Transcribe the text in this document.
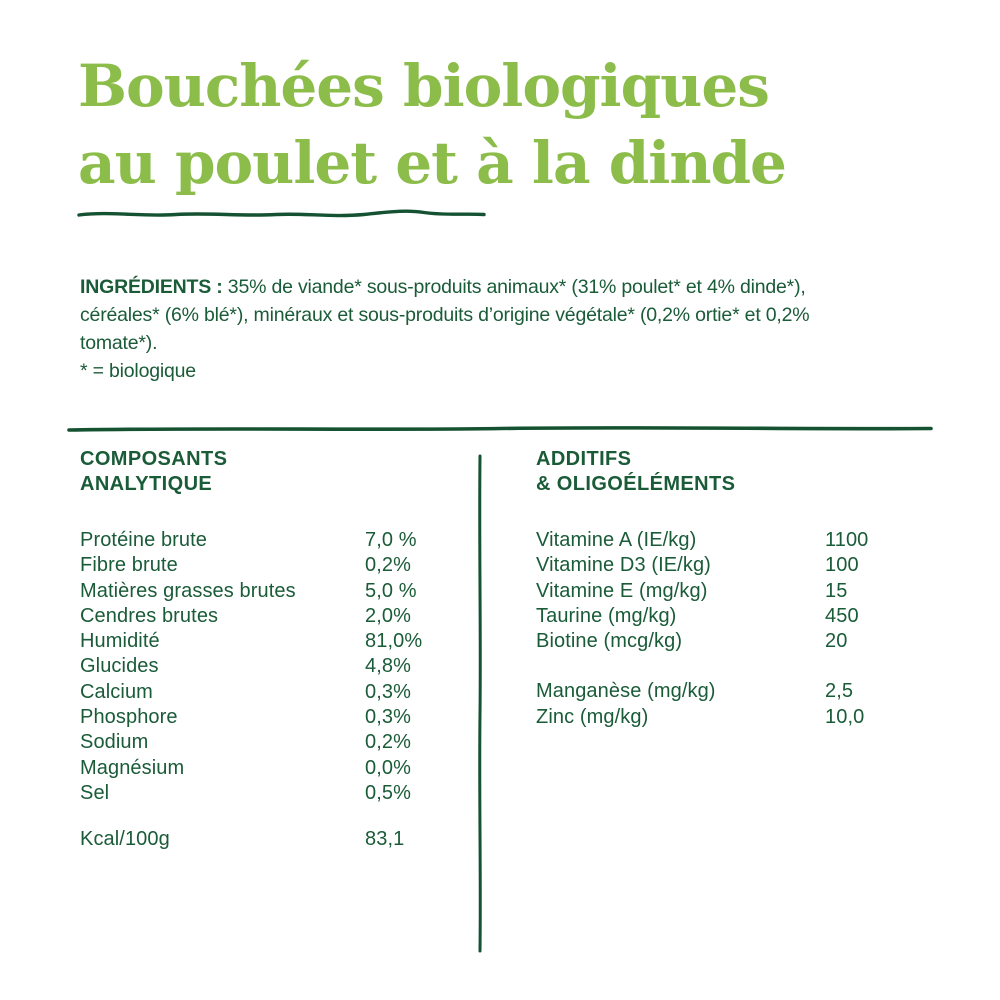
Bouchées biologiques
au poulet et à la dinde

INGRÉDIENTS : 35% de viande* sous-produits animaux* (31% poulet* et 4% dinde*),
céréales* (6% blé*), minéraux et sous-produits d’origine végétale* (0,2% ortie* et 0,2%
tomate*).
* = biologique

COMPOSANTS
ANALYTIQUE
ADDITIFS
& OLIGOÉLÉMENTS
Protéine brute	7,0 %
Fibre brute	0,2%
Matières grasses brutes	5,0 %
Cendres brutes	2,0%
Humidité	81,0%
Glucides	4,8%
Calcium	0,3%
Phosphore	0,3%
Sodium	0,2%
Magnésium	0,0%
Sel	0,5%
Kcal/100g	83,1
Vitamine A (IE/kg)	1100
Vitamine D3 (IE/kg)	100
Vitamine E (mg/kg)	15
Taurine (mg/kg)	450
Biotine (mcg/kg)	20
Manganèse (mg/kg)	2,5
Zinc (mg/kg)	10,0
